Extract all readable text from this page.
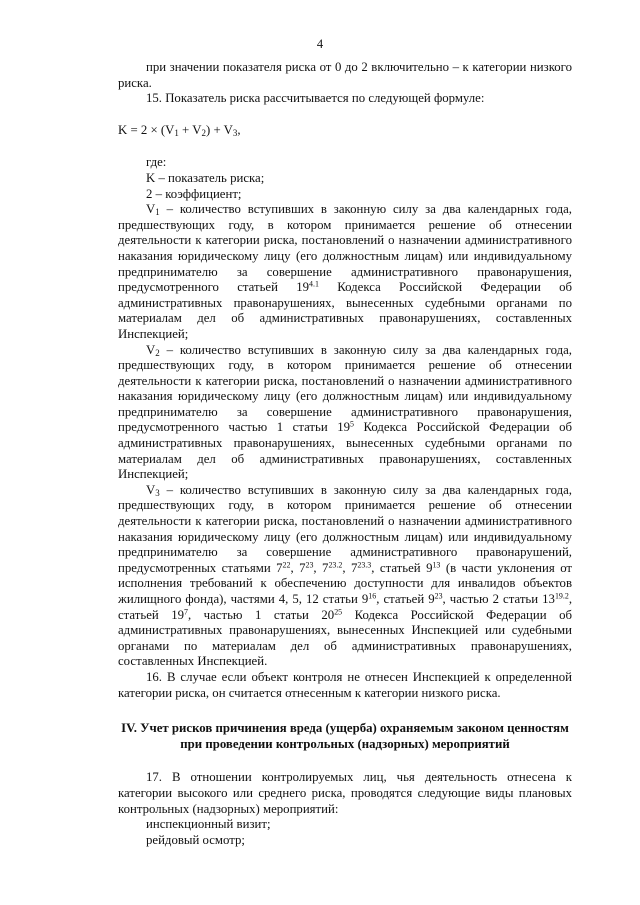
4

при значении показателя риска от 0 до 2 включительно – к категории низкого риска.

15. Показатель риска рассчитывается по следующей формуле:

$K = 2 \times (V_1 + V_2) + V_3$,

где:

K – показатель риска;

2 – коэффициент;

$V_1$ – количество вступивших в законную силу за два календарных года, предшествующих году, в котором принимается решение об отнесении деятельности к категории риска, постановлений о назначении административного наказания юридическому лицу (его должностным лицам) или индивидуальному предпринимателю за совершение административного правонарушения, предусмотренного статьей $19^{4.1}$ Кодекса Российской Федерации об административных правонарушениях, вынесенных судебными органами по материалам дел об административных правонарушениях, составленных Инспекцией;

$V_2$ – количество вступивших в законную силу за два календарных года, предшествующих году, в котором принимается решение об отнесении деятельности к категории риска, постановлений о назначении административного наказания юридическому лицу (его должностным лицам) или индивидуальному предпринимателю за совершение административного правонарушения, предусмотренного частью 1 статьи $19^5$ Кодекса Российской Федерации об административных правонарушениях, вынесенных судебными органами по материалам дел об административных правонарушениях, составленных Инспекцией;

$V_3$ – количество вступивших в законную силу за два календарных года, предшествующих году, в котором принимается решение об отнесении деятельности к категории риска, постановлений о назначении административного наказания юридическому лицу (его должностным лицам) или индивидуальному предпринимателю за совершение административного правонарушений, предусмотренных статьями $7^{22}$, $7^{23}$, $7^{23.2}$, $7^{23.3}$, статьей $9^{13}$ (в части уклонения от исполнения требований к обеспечению доступности для инвалидов объектов жилищного фонда), частями 4, 5, 12 статьи $9^{16}$, статьей $9^{23}$, частью 2 статьи $13^{19.2}$, статьей $19^7$, частью 1 статьи $20^{25}$ Кодекса Российской Федерации об административных правонарушениях, вынесенных Инспекцией или судебными органами по материалам дел об административных правонарушениях, составленных Инспекцией.

16. В случае если объект контроля не отнесен Инспекцией к определенной категории риска, он считается отнесенным к категории низкого риска.

IV. Учет рисков причинения вреда (ущерба) охраняемым законом ценностям при проведении контрольных (надзорных) мероприятий

17. В отношении контролируемых лиц, чья деятельность отнесена к категории высокого или среднего риска, проводятся следующие виды плановых контрольных (надзорных) мероприятий:

инспекционный визит;

рейдовый осмотр;
